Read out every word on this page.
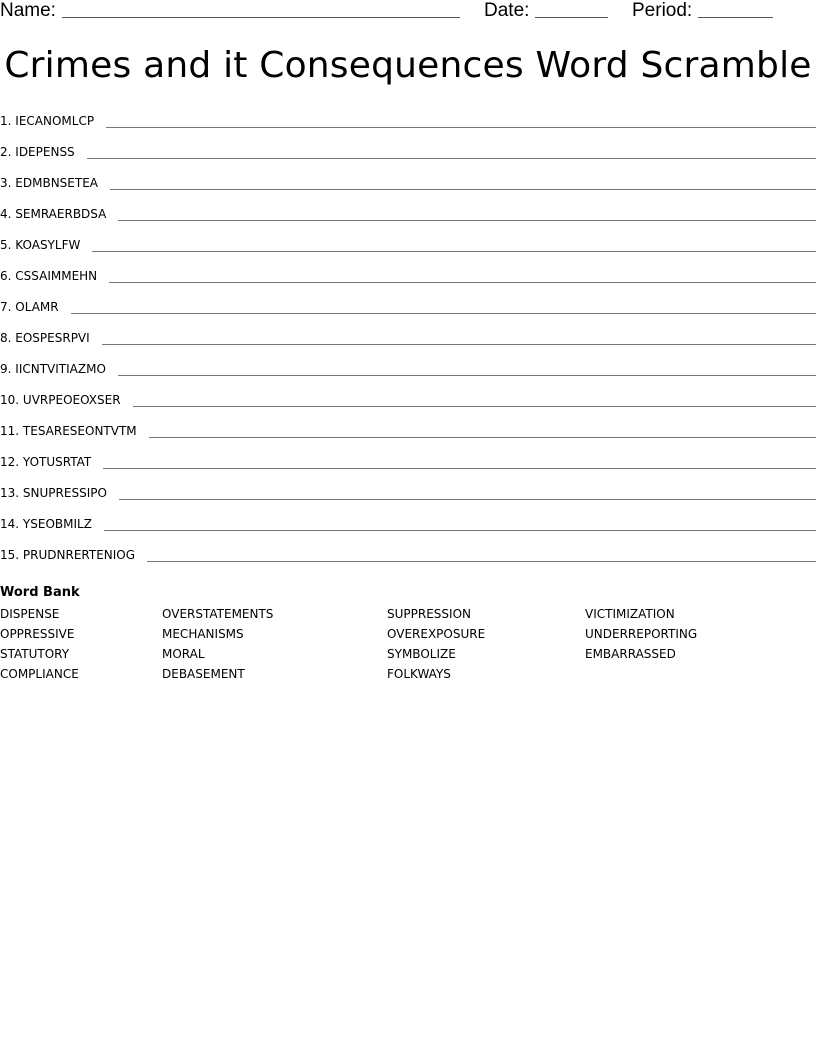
Name:	Date:	Period:
Crimes and it Consequences Word Scramble
1. IECANOMLCP
2. IDEPENSS
3. EDMBNSETEA
4. SEMRAERBDSA
5. KOASYLFW
6. CSSAIMMEHN
7. OLAMR
8. EOSPESRPVI
9. IICNTVITIAZMO
10. UVRPEOEOXSER
11. TESARESEONTVTM
12. YOTUSRTAT
13. SNUPRESSIPO
14. YSEOBMILZ
15. PRUDNRERTENIOG
Word Bank
DISPENSE
OPPRESSIVE
STATUTORY
COMPLIANCE
OVERSTATEMENTS
MECHANISMS
MORAL
DEBASEMENT
SUPPRESSION
OVEREXPOSURE
SYMBOLIZE
FOLKWAYS
VICTIMIZATION
UNDERREPORTING
EMBARRASSED
